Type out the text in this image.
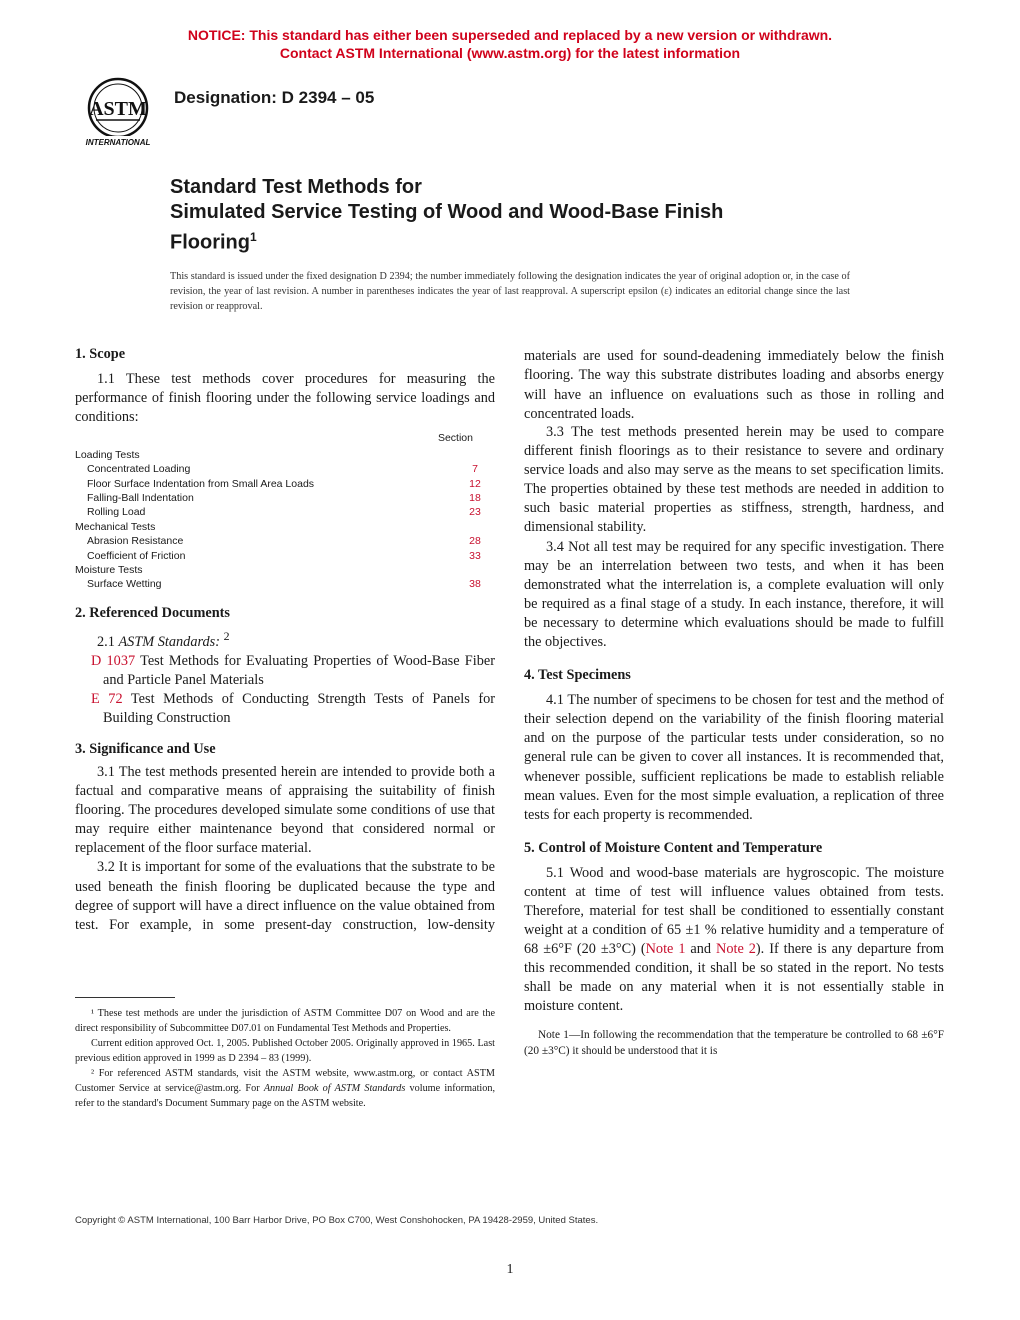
NOTICE: This standard has either been superseded and replaced by a new version or withdrawn.
Contact ASTM International (www.astm.org) for the latest information
ASTM
INTERNATIONAL
Designation: D 2394 – 05
Standard Test Methods for
Simulated Service Testing of Wood and Wood-Base Finish
Flooring$^1$
This standard is issued under the fixed designation D 2394; the number immediately following the designation indicates the year of original adoption or, in the case of revision, the year of last revision. A number in parentheses indicates the year of last reapproval. A superscript epsilon (ε) indicates an editorial change since the last revision or reapproval.
1. Scope

1.1 These test methods cover procedures for measuring the performance of finish flooring under the following service loadings and conditions:

Section
Loading Tests
Concentrated Loading	7
Floor Surface Indentation from Small Area Loads	12
Falling-Ball Indentation	18
Rolling Load	23
Mechanical Tests
Abrasion Resistance	28
Coefficient of Friction	33
Moisture Tests
Surface Wetting	38
2. Referenced Documents

2.1 ASTM Standards: $^2$

D 1037 Test Methods for Evaluating Properties of Wood-Base Fiber and Particle Panel Materials

E 72 Test Methods of Conducting Strength Tests of Panels for Building Construction

3. Significance and Use

3.1 The test methods presented herein are intended to provide both a factual and comparative means of appraising the suitability of finish flooring. The procedures developed simulate some conditions of use that may require either maintenance beyond that considered normal or replacement of the floor surface material.

3.2 It is important for some of the evaluations that the substrate to be used beneath the finish flooring be duplicated because the type and degree of support will have a direct influence on the value obtained from test. For example, in some present-day construction, low-density

materials are used for sound-deadening immediately below the finish flooring. The way this substrate distributes loading and absorbs energy will have an influence on evaluations such as those in rolling and concentrated loads.

3.3 The test methods presented herein may be used to compare different finish floorings as to their resistance to severe and ordinary service loads and also may serve as the means to set specification limits. The properties obtained by these test methods are needed in addition to such basic material properties as stiffness, strength, hardness, and dimensional stability.

3.4 Not all test may be required for any specific investigation. There may be an interrelation between two tests, and when it has been demonstrated what the interrelation is, a complete evaluation will only be required as a final stage of a study. In each instance, therefore, it will be necessary to determine which evaluations should be made to fulfill the objectives.

4. Test Specimens

4.1 The number of specimens to be chosen for test and the method of their selection depend on the variability of the finish flooring material and on the purpose of the particular tests under consideration, so no general rule can be given to cover all instances. It is recommended that, whenever possible, sufficient replications be made to establish reliable mean values. Even for the most simple evaluation, a replication of three tests for each property is recommended.

5. Control of Moisture Content and Temperature

5.1 Wood and wood-base materials are hygroscopic. The moisture content at time of test will influence values obtained from tests. Therefore, material for test shall be conditioned to essentially constant weight at a condition of 65 ±1 % relative humidity and a temperature of 68 ±6°F (20 ±3°C) (Note 1 and Note 2). If there is any departure from this recommended condition, it shall be so stated in the report. No tests shall be made on any material when it is not essentially stable in moisture content.

Note 1—In following the recommendation that the temperature be controlled to 68 ±6°F (20 ±3°C) it should be understood that it is

¹ These test methods are under the jurisdiction of ASTM Committee D07 on Wood and are the direct responsibility of Subcommittee D07.01 on Fundamental Test Methods and Properties.

Current edition approved Oct. 1, 2005. Published October 2005. Originally approved in 1965. Last previous edition approved in 1999 as D 2394 – 83 (1999).

² For referenced ASTM standards, visit the ASTM website, www.astm.org, or contact ASTM Customer Service at service@astm.org. For Annual Book of ASTM Standards volume information, refer to the standard's Document Summary page on the ASTM website.

Copyright © ASTM International, 100 Barr Harbor Drive, PO Box C700, West Conshohocken, PA 19428-2959, United States.
1
